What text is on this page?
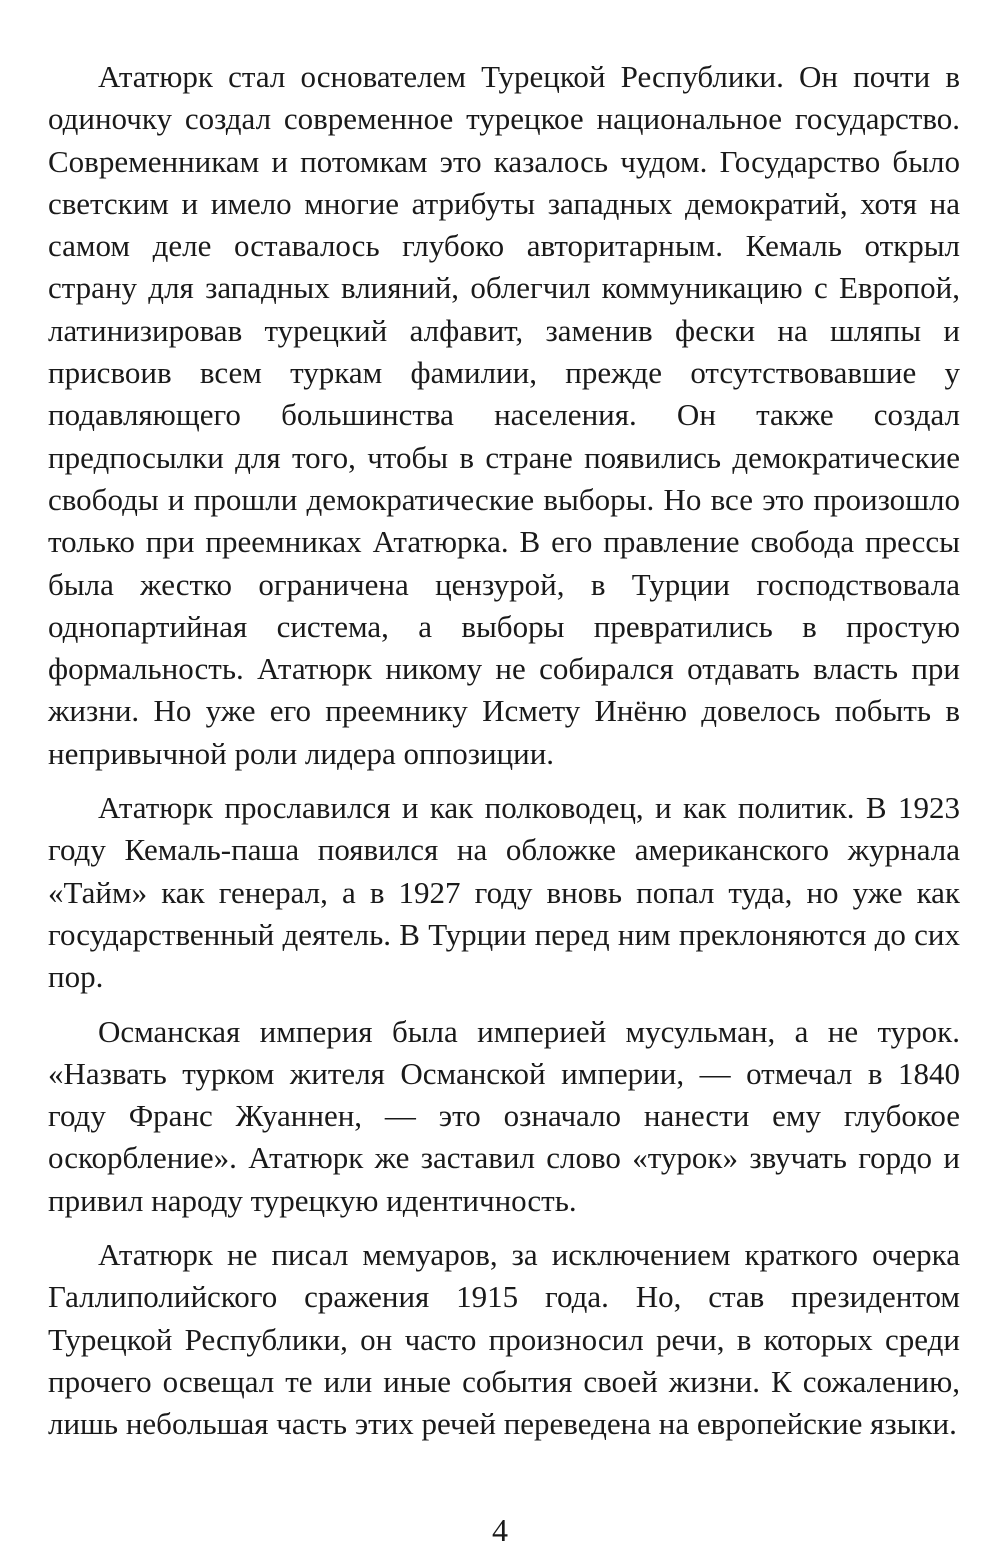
Ататюрк стал основателем Турецкой Республики. Он почти в одиночку создал современное турецкое национальное государство. Современникам и потомкам это казалось чудом. Государство было светским и имело многие атрибуты западных демократий, хотя на самом деле оставалось глубоко авторитарным. Кемаль открыл страну для западных влияний, облегчил коммуникацию с Европой, латинизировав турецкий алфавит, заменив фески на шляпы и присвоив всем туркам фамилии, прежде отсутствовавшие у подавляющего большинства населения. Он также создал предпосылки для того, чтобы в стране появились демократические свободы и прошли демократические выборы. Но все это произошло только при преемниках Ататюрка. В его правление свобода прессы была жестко ограничена цензурой, в Турции господствовала однопартийная система, а выборы превратились в простую формальность. Ататюрк никому не собирался отдавать власть при жизни. Но уже его преемнику Исмету Инёню довелось побыть в непривычной роли лидера оппозиции.

Ататюрк прославился и как полководец, и как политик. В 1923 году Кемаль-паша появился на обложке американского журнала «Тайм» как генерал, а в 1927 году вновь попал туда, но уже как государственный деятель. В Турции перед ним преклоняются до сих пор.

Османская империя была империей мусульман, а не турок. «Назвать турком жителя Османской империи, — отмечал в 1840 году Франс Жуаннен, — это означало нанести ему глубокое оскорбление». Ататюрк же заставил слово «турок» звучать гордо и привил народу турецкую идентичность.

Ататюрк не писал мемуаров, за исключением краткого очерка Галлиполийского сражения 1915 года. Но, став президентом Турецкой Республики, он часто произносил речи, в которых среди прочего освещал те или иные события своей жизни. К сожалению, лишь небольшая часть этих речей переведена на европейские языки.

4
